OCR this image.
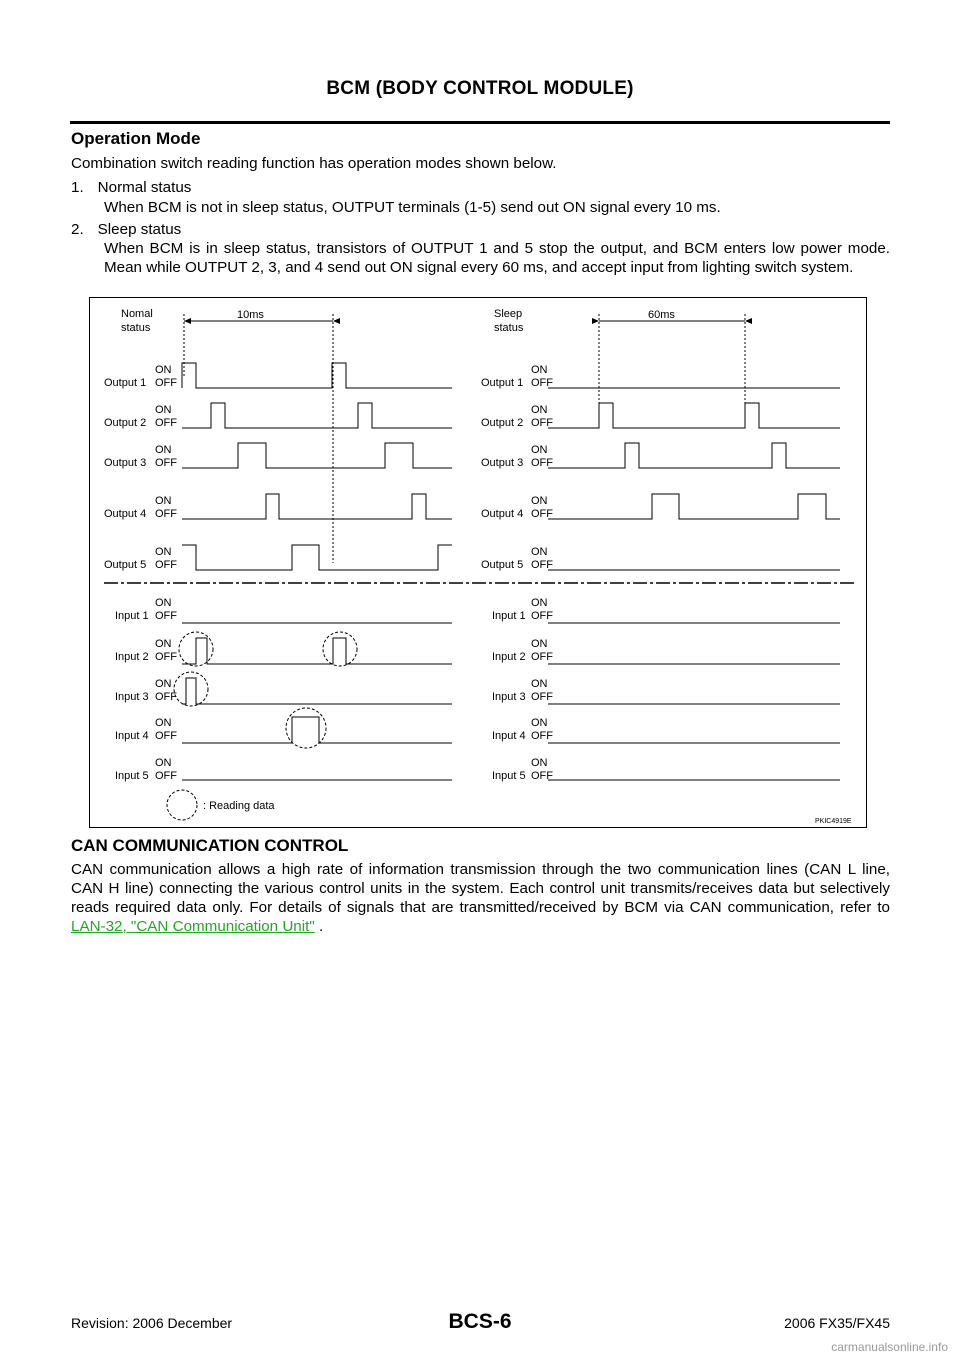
BCM (BODY CONTROL MODULE)
Operation Mode
Combination switch reading function has operation modes shown below.
1. Normal status
When BCM is not in sleep status, OUTPUT terminals (1-5) send out ON signal every 10 ms.
2. Sleep status
When BCM is in sleep status, transistors of OUTPUT 1 and 5 stop the output, and BCM enters low power mode. Mean while OUTPUT 2, 3, and 4 send out ON signal every 60 ms, and accept input from lighting switch system.
Nomal
status
10ms	Sleep
status
60ms
ON
Output 1 OFF
ON
Output 2 OFF
ON
Output 3 OFF
ON
Output 4 OFF
ON
Output 5 OFF
ON
Output 1 OFF
ON
Output 2 OFF
ON
Output 3 OFF
ON
Output 4 OFF
ON
Output 5 OFF
ON
Input 1 OFF
ON
Input 2 OFF
ON
Input 3 OFF
ON
Input 4 OFF
ON
Input 5 OFF
ON
Input 1 OFF
ON
Input 2 OFF
ON
Input 3 OFF
ON
Input 4 OFF
ON
Input 5 OFF
: Reading data
PKIC4919E
CAN COMMUNICATION CONTROL
CAN communication allows a high rate of information transmission through the two communication lines (CAN L line, CAN H line) connecting the various control units in the system. Each control unit transmits/receives data but selectively reads required data only. For details of signals that are transmitted/received by BCM via CAN communication, refer to LAN-32, "CAN Communication Unit" .
Revision: 2006 December	BCS-6	2006 FX35/FX45
carmanualsonline.info
